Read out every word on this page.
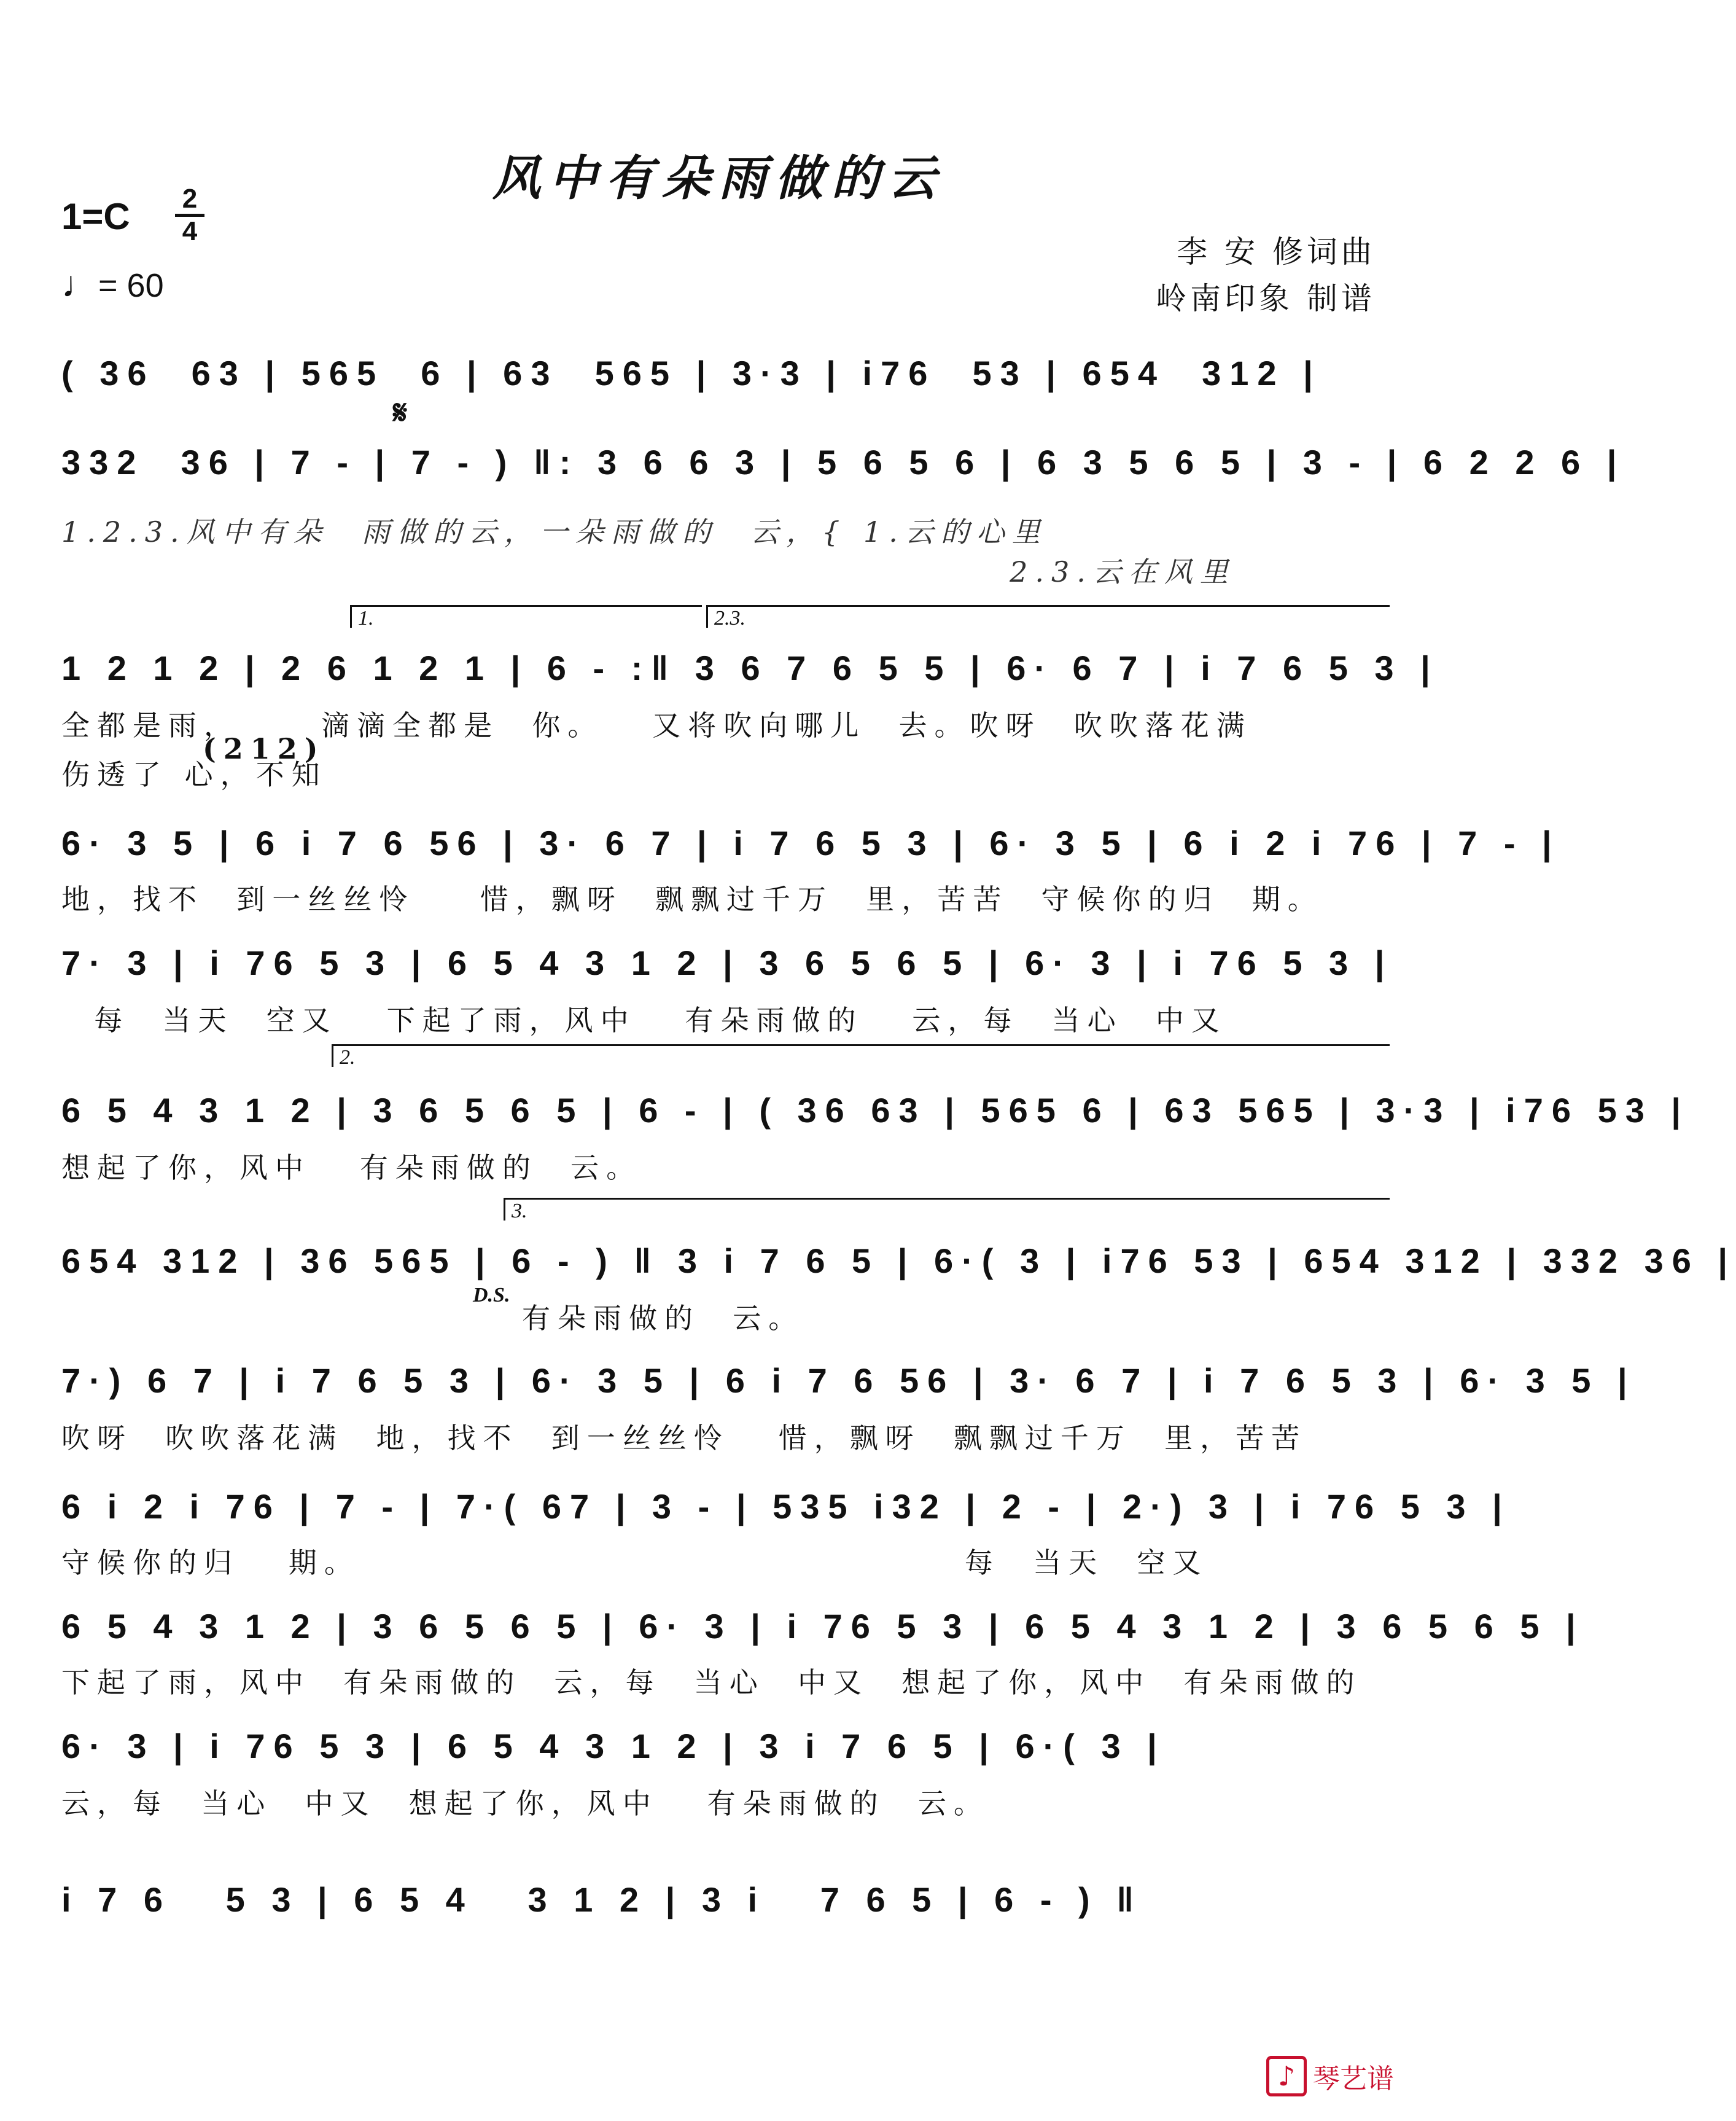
风中有朵雨做的云
1=C 2
4
♩= 60
李 安 修词曲
岭南印象 制谱
𝄋
1.	2.3.
2.
3.
( 36  63 | 565  6 | 63  565 | 3·3 | i76  53 | 654  312 |
332  36 | 7 - | 7 - ) ‖: 3 6 6 3 | 5 6 5 6 | 6 3 5 6 5 | 3 - | 6 2 2 6 |
1.2.3.风中有朵  雨做的云，一朵雨做的  云，{ 1.云的心里
2.3.云在风里
1 2 1 2 | 2 6 1 2 1 | 6 - :‖ 3 6 7 6 5 5 | 6· 6 7 | i 7 6 5 3 |
全都是雨，     滴滴全都是  你。   又将吹向哪儿  去。吹呀  吹吹落花满
伤透了 心，不知
(212)
6· 3 5 | 6 i 7 6 56 | 3· 6 7 | i 7 6 5 3 | 6· 3 5 | 6 i 2 i 76 | 7 - |
地，找不  到一丝丝怜    惜，飘呀  飘飘过千万  里，苦苦  守候你的归  期。
7· 3 | i 76 5 3 | 6 5 4 3 1 2 | 3 6 5 6 5 | 6· 3 | i 76 5 3 |
每  当天  空又   下起了雨，风中   有朵雨做的   云，每  当心  中又
6 5 4 3 1 2 | 3 6 5 6 5 | 6 - | ( 36 63 | 565 6 | 63 565 | 3·3 | i76 53 |
想起了你，风中   有朵雨做的  云。
654 312 | 36 565 | 6 - ) ‖ 3 i 7 6 5 | 6·( 3 | i76 53 | 654 312 | 332 36 |
D.S.
有朵雨做的  云。
7·) 6 7 | i 7 6 5 3 | 6· 3 5 | 6 i 7 6 56 | 3· 6 7 | i 7 6 5 3 | 6· 3 5 |
吹呀  吹吹落花满  地，找不  到一丝丝怜   惜，飘呀  飘飘过千万  里，苦苦
6 i 2 i 76 | 7 - | 7·( 67 | 3 - | 535 i32 | 2 - | 2·) 3 | i 76 5 3 |
守候你的归   期。                                     每  当天  空又
6 5 4 3 1 2 | 3 6 5 6 5 | 6· 3 | i 76 5 3 | 6 5 4 3 1 2 | 3 6 5 6 5 |
下起了雨，风中  有朵雨做的  云，每  当心  中又  想起了你，风中  有朵雨做的
6· 3 | i 76 5 3 | 6 5 4 3 1 2 | 3 i 7 6 5 | 6·( 3 |
云，每  当心  中又  想起了你，风中   有朵雨做的  云。
i 7 6   5 3 | 6 5 4   3 1 2 | 3 i   7 6 5 | 6 - ) ‖
♪ 琴艺谱
